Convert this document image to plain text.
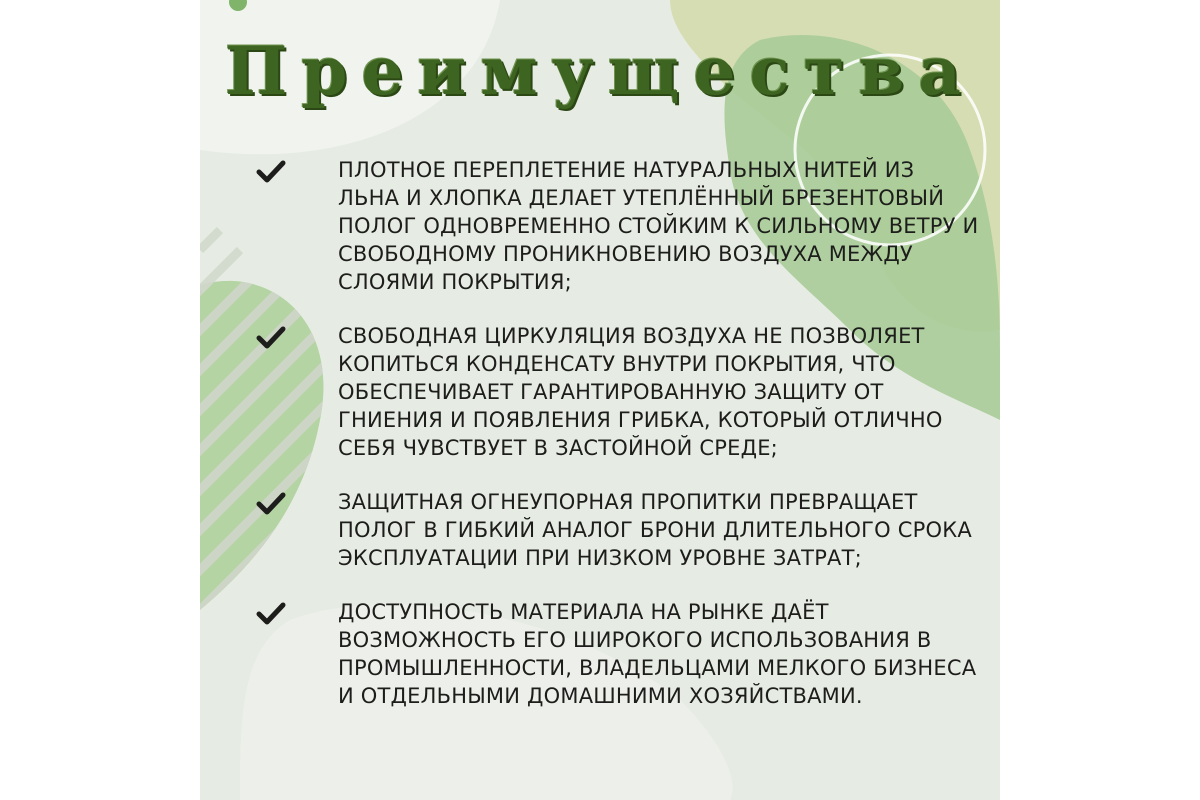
Преимущества
ПЛОТНОЕ ПЕРЕПЛЕТЕНИЕ НАТУРАЛЬНЫХ НИТЕЙ ИЗ ЛЬНА И ХЛОПКА ДЕЛАЕТ УТЕПЛЁННЫЙ БРЕЗЕНТОВЫЙ ПОЛОГ ОДНОВРЕМЕННО СТОЙКИМ К СИЛЬНОМУ ВЕТРУ И СВОБОДНОМУ ПРОНИКНОВЕНИЮ ВОЗДУХА МЕЖДУ СЛОЯМИ ПОКРЫТИЯ;
СВОБОДНАЯ ЦИРКУЛЯЦИЯ ВОЗДУХА НЕ ПОЗВОЛЯЕТ КОПИТЬСЯ КОНДЕНСАТУ ВНУТРИ ПОКРЫТИЯ, ЧТО ОБЕСПЕЧИВАЕТ ГАРАНТИРОВАННУЮ ЗАЩИТУ ОТ ГНИЕНИЯ И ПОЯВЛЕНИЯ ГРИБКА, КОТОРЫЙ ОТЛИЧНО СЕБЯ ЧУВСТВУЕТ В ЗАСТОЙНОЙ СРЕДЕ;
ЗАЩИТНАЯ ОГНЕУПОРНАЯ ПРОПИТКИ ПРЕВРАЩАЕТ ПОЛОГ В ГИБКИЙ АНАЛОГ БРОНИ ДЛИТЕЛЬНОГО СРОКА ЭКСПЛУАТАЦИИ ПРИ НИЗКОМ УРОВНЕ ЗАТРАТ;
ДОСТУПНОСТЬ МАТЕРИАЛА НА РЫНКЕ ДАЁТ ВОЗМОЖНОСТЬ ЕГО ШИРОКОГО ИСПОЛЬЗОВАНИЯ В ПРОМЫШЛЕННОСТИ, ВЛАДЕЛЬЦАМИ МЕЛКОГО БИЗНЕСА И ОТДЕЛЬНЫМИ ДОМАШНИМИ ХОЗЯЙСТВАМИ.
